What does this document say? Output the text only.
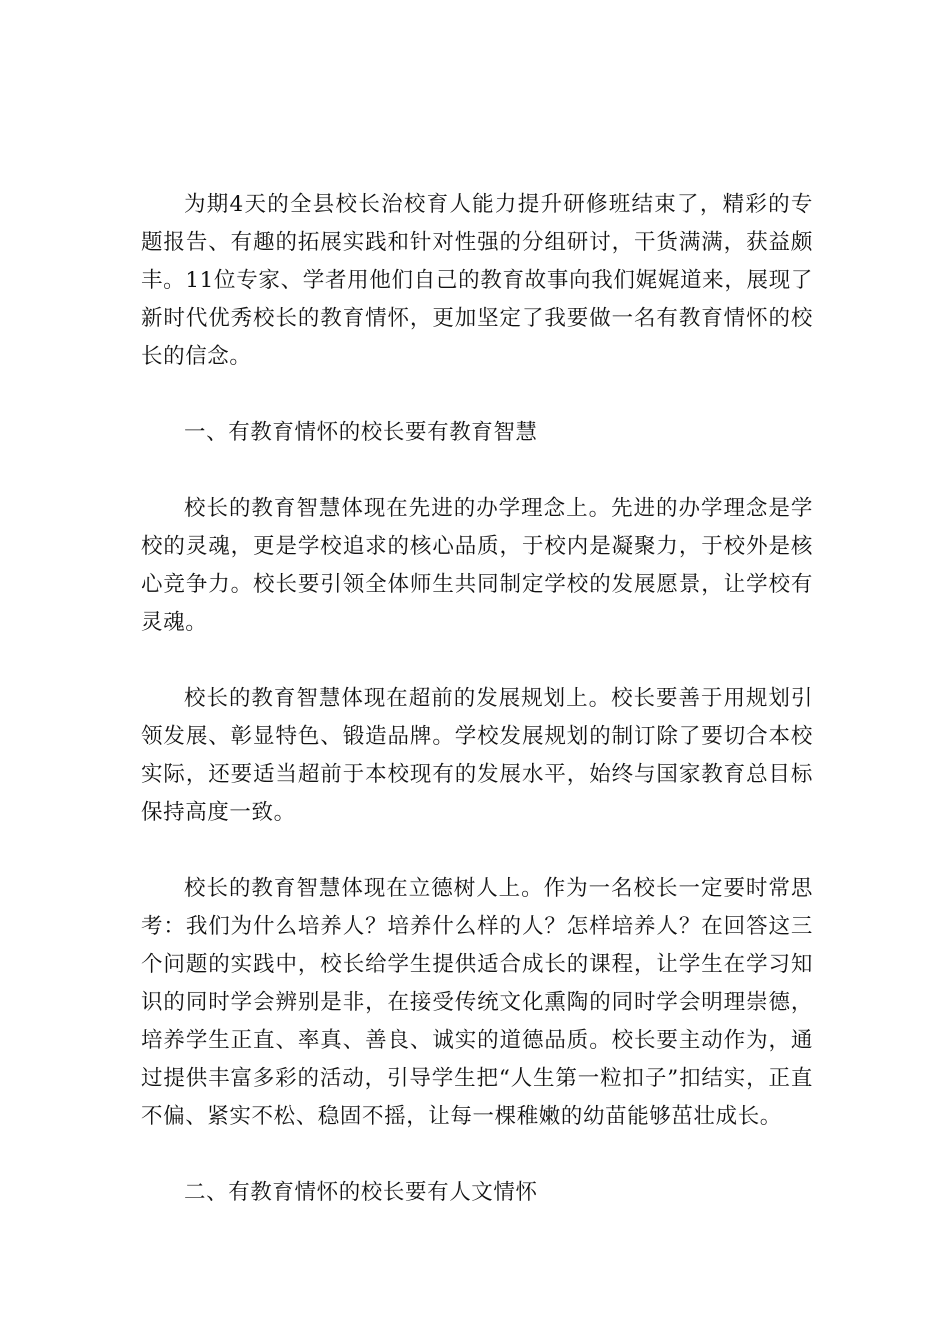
为期4天的全县校长治校育人能力提升研修班结束了，精彩的专题报告、有趣的拓展实践和针对性强的分组研讨，干货满满，获益颇丰。11位专家、学者用他们自己的教育故事向我们娓娓道来，展现了新时代优秀校长的教育情怀，更加坚定了我要做一名有教育情怀的校长的信念。

一、有教育情怀的校长要有教育智慧

校长的教育智慧体现在先进的办学理念上。先进的办学理念是学校的灵魂，更是学校追求的核心品质，于校内是凝聚力，于校外是核心竞争力。校长要引领全体师生共同制定学校的发展愿景，让学校有灵魂。

校长的教育智慧体现在超前的发展规划上。校长要善于用规划引领发展、彰显特色、锻造品牌。学校发展规划的制订除了要切合本校实际，还要适当超前于本校现有的发展水平，始终与国家教育总目标保持高度一致。

校长的教育智慧体现在立德树人上。作为一名校长一定要时常思考：我们为什么培养人？培养什么样的人？怎样培养人？在回答这三个问题的实践中，校长给学生提供适合成长的课程，让学生在学习知识的同时学会辨别是非，在接受传统文化熏陶的同时学会明理崇德，培养学生正直、率真、善良、诚实的道德品质。校长要主动作为，通过提供丰富多彩的活动，引导学生把“人生第一粒扣子”扣结实，正直不偏、紧实不松、稳固不摇，让每一棵稚嫩的幼苗能够茁壮成长。

二、有教育情怀的校长要有人文情怀
